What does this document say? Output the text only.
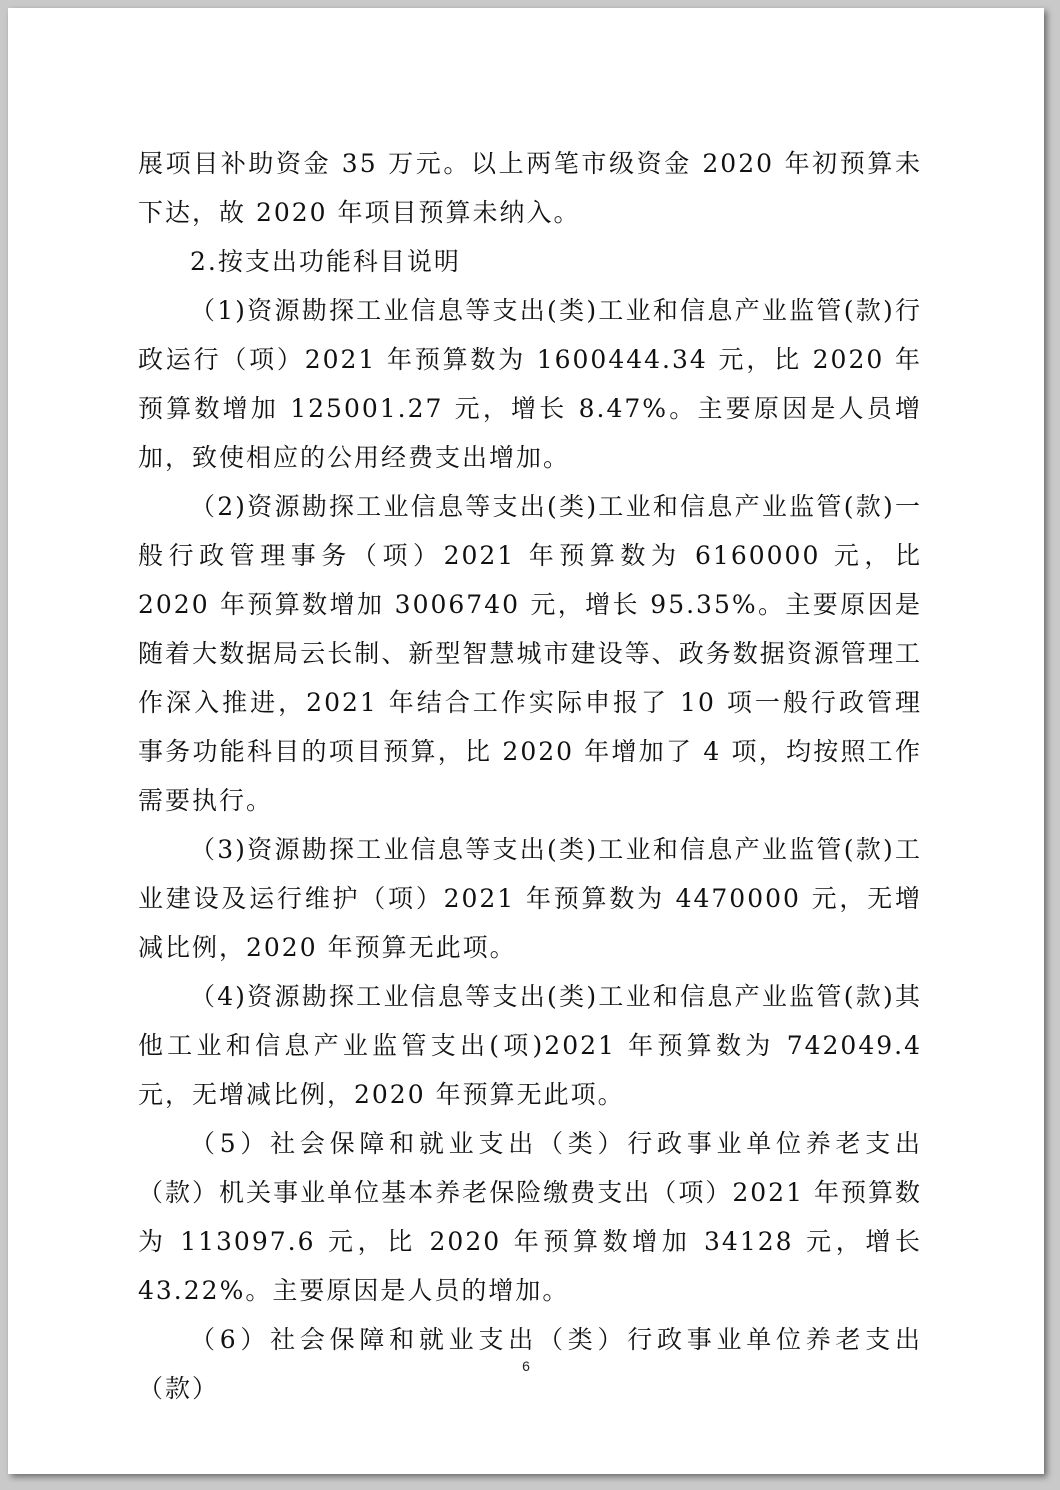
展项目补助资金 35 万元。以上两笔市级资金 2020 年初预算未下达，故 2020 年项目预算未纳入。

2.按支出功能科目说明

（1)资源勘探工业信息等支出(类)工业和信息产业监管(款)行政运行（项）2021 年预算数为 1600444.34 元，比 2020 年预算数增加 125001.27 元，增长 8.47%。主要原因是人员增加，致使相应的公用经费支出增加。

（2)资源勘探工业信息等支出(类)工业和信息产业监管(款)一般行政管理事务（项）2021 年预算数为 6160000 元，比 2020 年预算数增加 3006740 元，增长 95.35%。主要原因是随着大数据局云长制、新型智慧城市建设等、政务数据资源管理工作深入推进，2021 年结合工作实际申报了 10 项一般行政管理事务功能科目的项目预算，比 2020 年增加了 4 项，均按照工作需要执行。

（3)资源勘探工业信息等支出(类)工业和信息产业监管(款)工业建设及运行维护（项）2021 年预算数为 4470000 元，无增减比例，2020 年预算无此项。

（4)资源勘探工业信息等支出(类)工业和信息产业监管(款)其他工业和信息产业监管支出(项)2021 年预算数为 742049.4 元，无增减比例，2020 年预算无此项。

（5）社会保障和就业支出（类）行政事业单位养老支出（款）机关事业单位基本养老保险缴费支出（项）2021 年预算数为 113097.6 元，比 2020 年预算数增加 34128 元，增长 43.22%。主要原因是人员的增加。

（6）社会保障和就业支出（类）行政事业单位养老支出（款）

6
